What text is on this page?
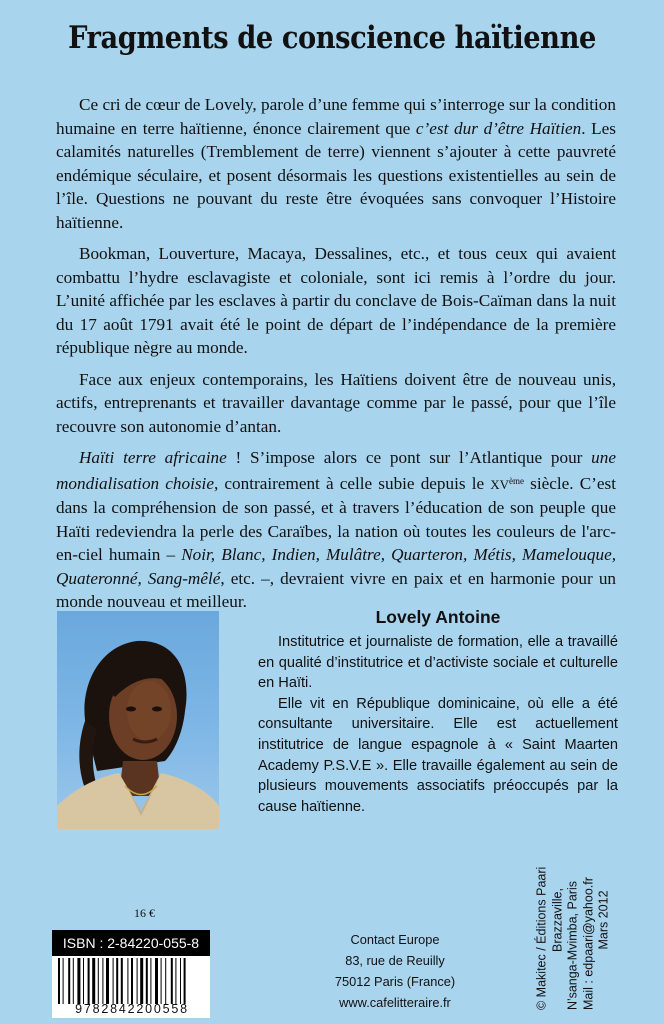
Fragments de conscience haïtienne

Ce cri de cœur de Lovely, parole d’une femme qui s’interroge sur la condition humaine en terre haïtienne, énonce clairement que c’est dur d’être Haïtien. Les calamités naturelles (Tremblement de terre) viennent s’ajouter à cette pauvreté endémique séculaire, et posent désormais les questions existentielles au sein de l’île. Questions ne pouvant du reste être évoquées sans convoquer l’Histoire haïtienne.

Bookman, Louverture, Macaya, Dessalines, etc., et tous ceux qui avaient combattu l’hydre esclavagiste et coloniale, sont ici remis à l’ordre du jour. L’unité affichée par les esclaves à partir du conclave de Bois-Caïman dans la nuit du 17 août 1791 avait été le point de départ de l’indépendance de la première république nègre au monde.

Face aux enjeux contemporains, les Haïtiens doivent être de nouveau unis, actifs, entreprenants et travailler davantage comme par le passé, pour que l’île recouvre son autonomie d’antan.

Haïti terre africaine ! S’impose alors ce pont sur l’Atlantique pour une mondialisation choisie, contrairement à celle subie depuis le XVème siècle. C’est dans la compréhension de son passé, et à travers l’éducation de son peuple que Haïti redeviendra la perle des Caraïbes, la nation où toutes les couleurs de l'arc-en-ciel humain – Noir, Blanc, Indien, Mulâtre, Quarteron, Métis, Mamelouque, Quateronné, Sang-mêlé, etc. –, devraient vivre en paix et en harmonie pour un monde nouveau et meilleur.

Lovely Antoine

Institutrice et journaliste de formation, elle a travaillé en qualité d’institutrice et d’activiste sociale et culturelle en Haïti.

Elle vit en République dominicaine, où elle a été consultante universitaire. Elle est actuellement institutrice de langue espagnole à « Saint Maarten Academy P.S.V.E ». Elle travaille également au sein de plusieurs mouvements associatifs préoccupés par la cause haïtienne.

16 €
ISBN : 2-84220-055-8
9782842200558
Contact Europe
83, rue de Reuilly
75012 Paris (France)
www.cafelitteraire.fr	© Makitec / Éditions Paari Brazzaville, N’sanga-Mvimba, Paris Mail : edpaari@yahoo.fr Mars 2012
